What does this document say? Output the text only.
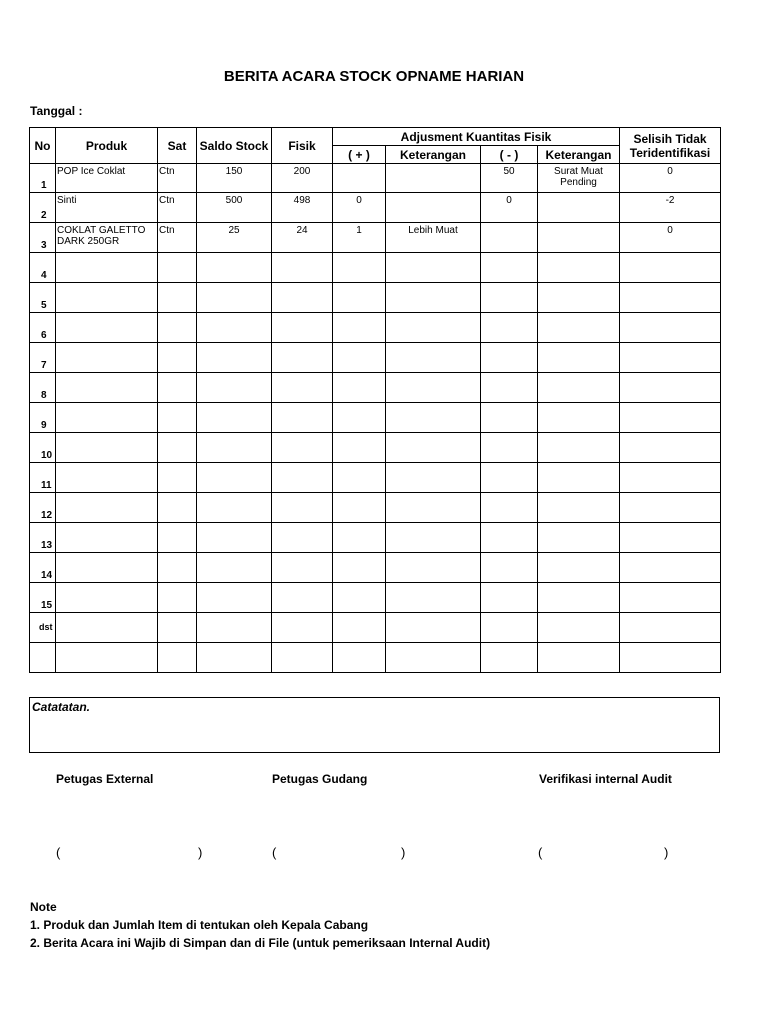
BERITA ACARA STOCK OPNAME HARIAN
Tanggal :
No	Produk	Sat	Saldo Stock	Fisik	Adjusment Kuantitas Fisik				Selisih Tidak Teridentifikasi
					( + )	Keterangan	( - )	Keterangan	
1	POP Ice Coklat	Ctn	150	200			50	Surat Muat Pending	0
2	Sinti	Ctn	500	498	0		0		-2
3	COKLAT GALETTO DARK 250GR	Ctn	25	24	1	Lebih Muat			0
4									
5									
6									
7									
8									
9									
10									
11									
12									
13									
14									
15									
dst									

Catatatan.
Petugas External	Petugas Gudang	Verifikasi internal Audit
(	)	(	)	(	)
Note
1. Produk dan Jumlah Item di tentukan oleh Kepala Cabang
2. Berita Acara ini Wajib di Simpan dan di File (untuk pemeriksaan Internal Audit)
